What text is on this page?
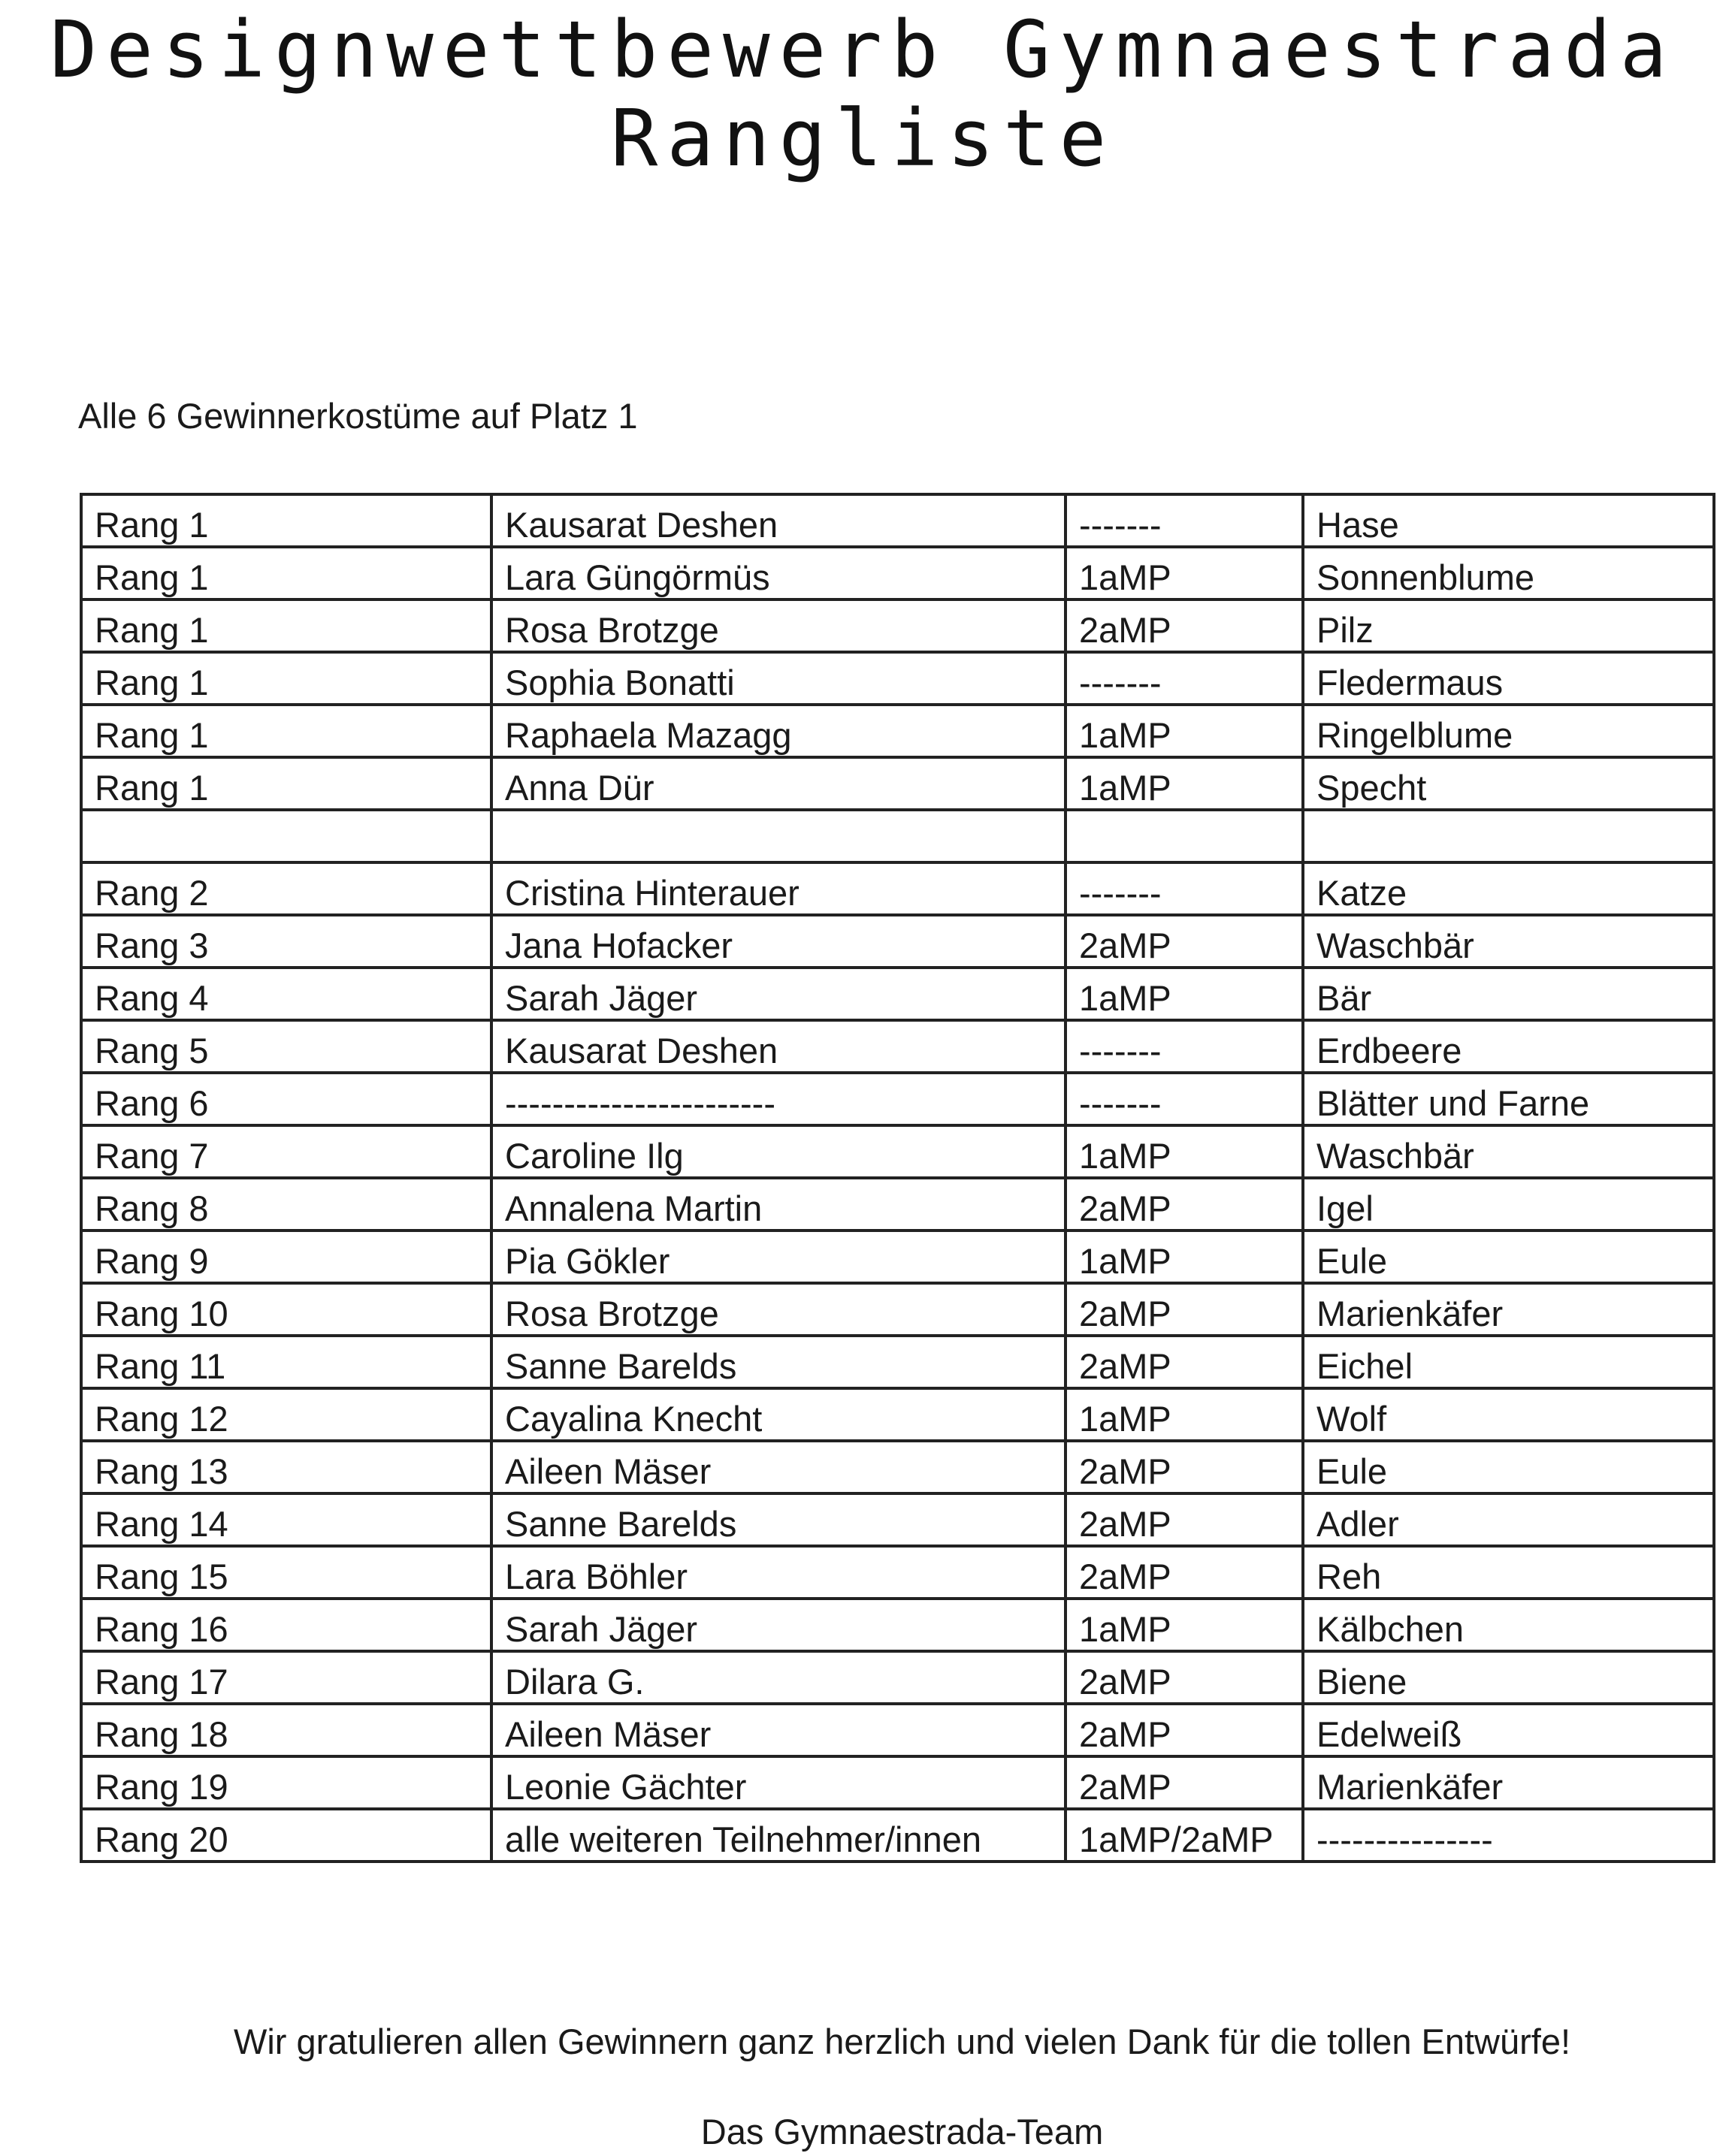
Designwettbewerb Gymnaestrada
Rangliste

Alle 6 Gewinnerkostüme auf Platz 1

Rang 1	Kausarat Deshen	-------	Hase
Rang 1	Lara Güngörmüs	1aMP	Sonnenblume
Rang 1	Rosa Brotzge	2aMP	Pilz
Rang 1	Sophia Bonatti	-------	Fledermaus
Rang 1	Raphaela Mazagg	1aMP	Ringelblume
Rang 1	Anna Dür	1aMP	Specht

Rang 2	Cristina Hinterauer	-------	Katze
Rang 3	Jana Hofacker	2aMP	Waschbär
Rang 4	Sarah Jäger	1aMP	Bär
Rang 5	Kausarat Deshen	-------	Erdbeere
Rang 6	-----------------------	-------	Blätter und Farne
Rang 7	Caroline Ilg	1aMP	Waschbär
Rang 8	Annalena Martin	2aMP	Igel
Rang 9	Pia Gökler	1aMP	Eule
Rang 10	Rosa Brotzge	2aMP	Marienkäfer
Rang 11	Sanne Barelds	2aMP	Eichel
Rang 12	Cayalina Knecht	1aMP	Wolf
Rang 13	Aileen Mäser	2aMP	Eule
Rang 14	Sanne Barelds	2aMP	Adler
Rang 15	Lara Böhler	2aMP	Reh
Rang 16	Sarah Jäger	1aMP	Kälbchen
Rang 17	Dilara G.	2aMP	Biene
Rang 18	Aileen Mäser	2aMP	Edelweiß
Rang 19	Leonie Gächter	2aMP	Marienkäfer
Rang 20	alle weiteren Teilnehmer/innen	1aMP/2aMP	---------------

Wir gratulieren allen Gewinnern ganz herzlich und vielen Dank für die tollen Entwürfe!

Das Gymnaestrada-Team
